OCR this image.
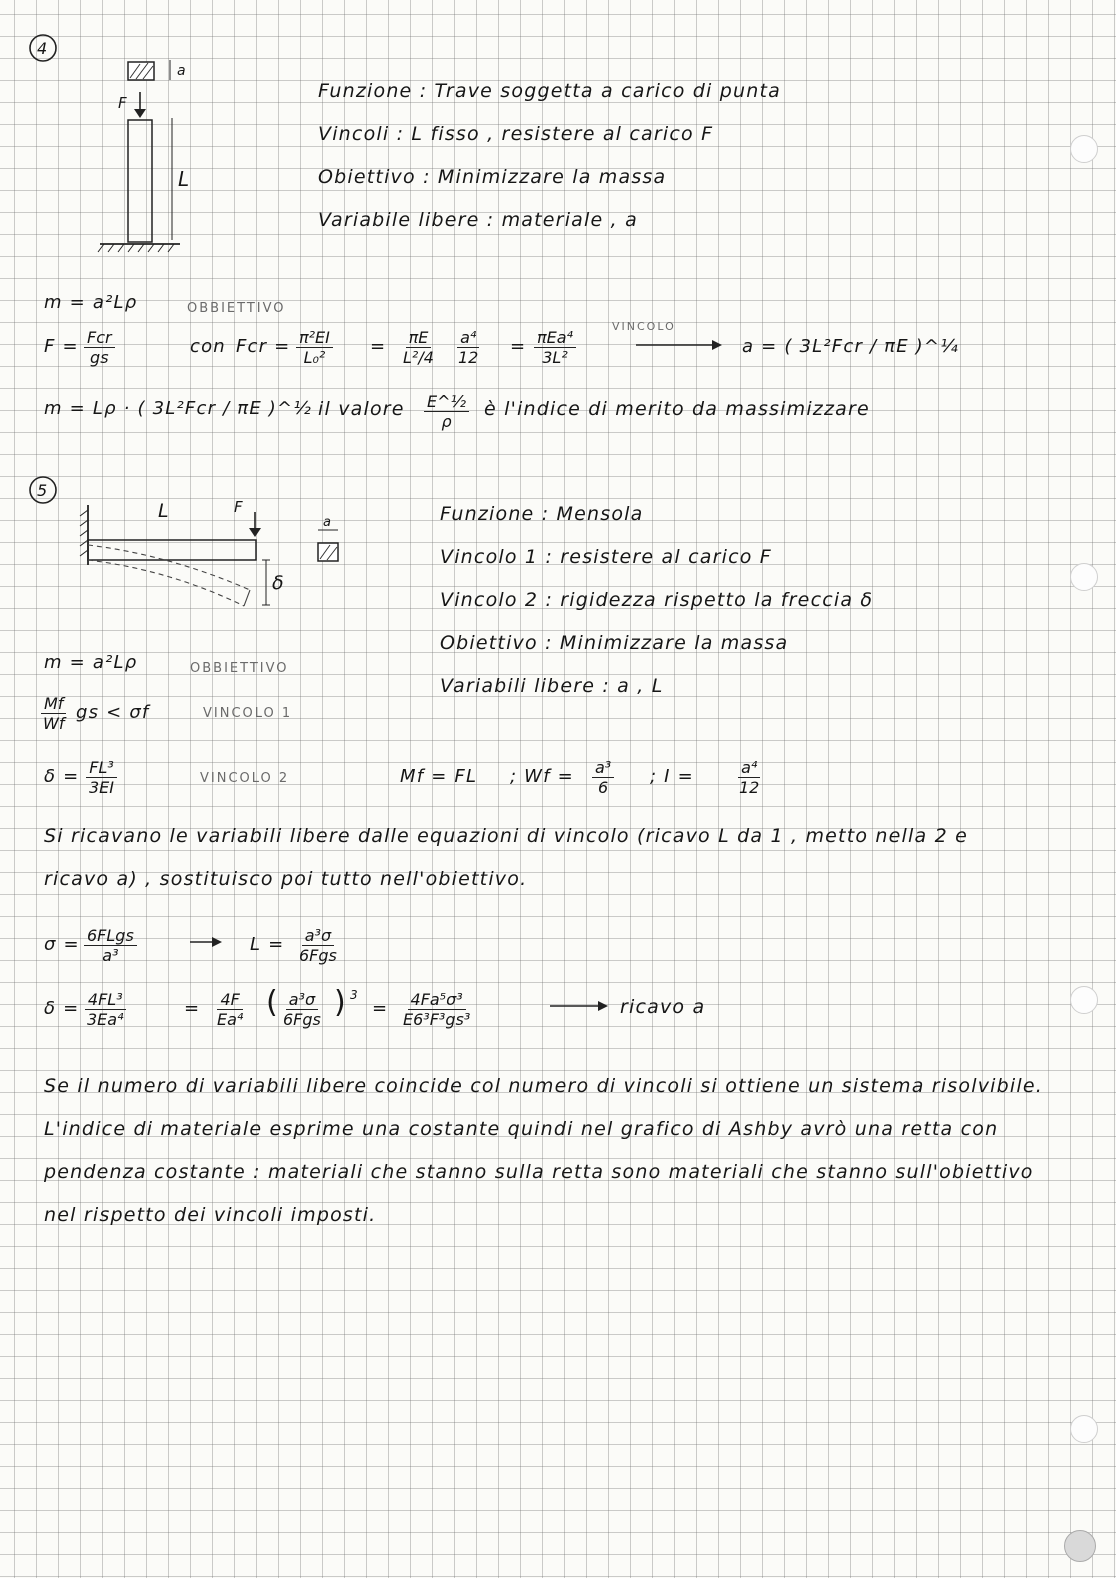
4
a
F
L
Funzione : Trave soggetta a carico di punta
Vincoli : L fisso , resistere al carico F
Obiettivo : Minimizzare la massa
Variabile libere : materiale , a
m = a²Lρ	OBBIETTIVO
F = Fcr
gs
con Fcr = $\frac{\text{π²EI}}{\text{L₀²}} = \frac{\pi E}{\text{L²/4}} \frac{\text{a⁴}}{12} = \pi Ea^4$
3L²
VINCOLO
a = ( 3L²Fcr / πE )^¼
m = Lρ · ( 3L²Fcr / πE )^½ il valore $\frac{\text{E\textasciicircum{}½}}{\rho}$ è l'indice di merito da massimizzare
5
L	F
a
δ
Funzione : Mensola
Vincolo 1 : resistere al carico F
Vincolo 2 : rigidezza rispetto la freccia δ
Obiettivo : Minimizzare la massa
Variabili libere : a , L
m = a²Lρ	OBBIETTIVO
$\frac{Mf}{Wf}$ gs < σf	VINCOLO 1
$\delta = \frac{\text{FL³}}{3EI}$	VINCOLO 2	Mf = FL ; $Wf = \frac{\text{a³}}{6}$ ; I =	$\frac{\text{a⁴}}{12}$
Si ricavano le variabili libere dalle equazioni di vincolo (ricavo L da 1 , metto nella 2 e
ricavo a) , sostituisco poi tutto nell'obiettivo.
σ = 6FLgs
a³
L = a³σ
6Fgs
$\delta = \frac{\text{4FL³}}{\text{3Ea⁴}}$	= $\frac{4F}{\text{Ea⁴}}$ ( a³σ
6Fgs ) 3
= $\frac{\text{4Fa⁵σ³}}{\text{E6³F³gs³}}$	ricavo a
Se il numero di variabili libere coincide col numero di vincoli si ottiene un sistema risolvibile.
L'indice di materiale esprime una costante quindi nel grafico di Ashby avrò una retta con
pendenza costante : materiali che stanno sulla retta sono materiali che stanno sull'obiettivo
nel rispetto dei vincoli imposti.
